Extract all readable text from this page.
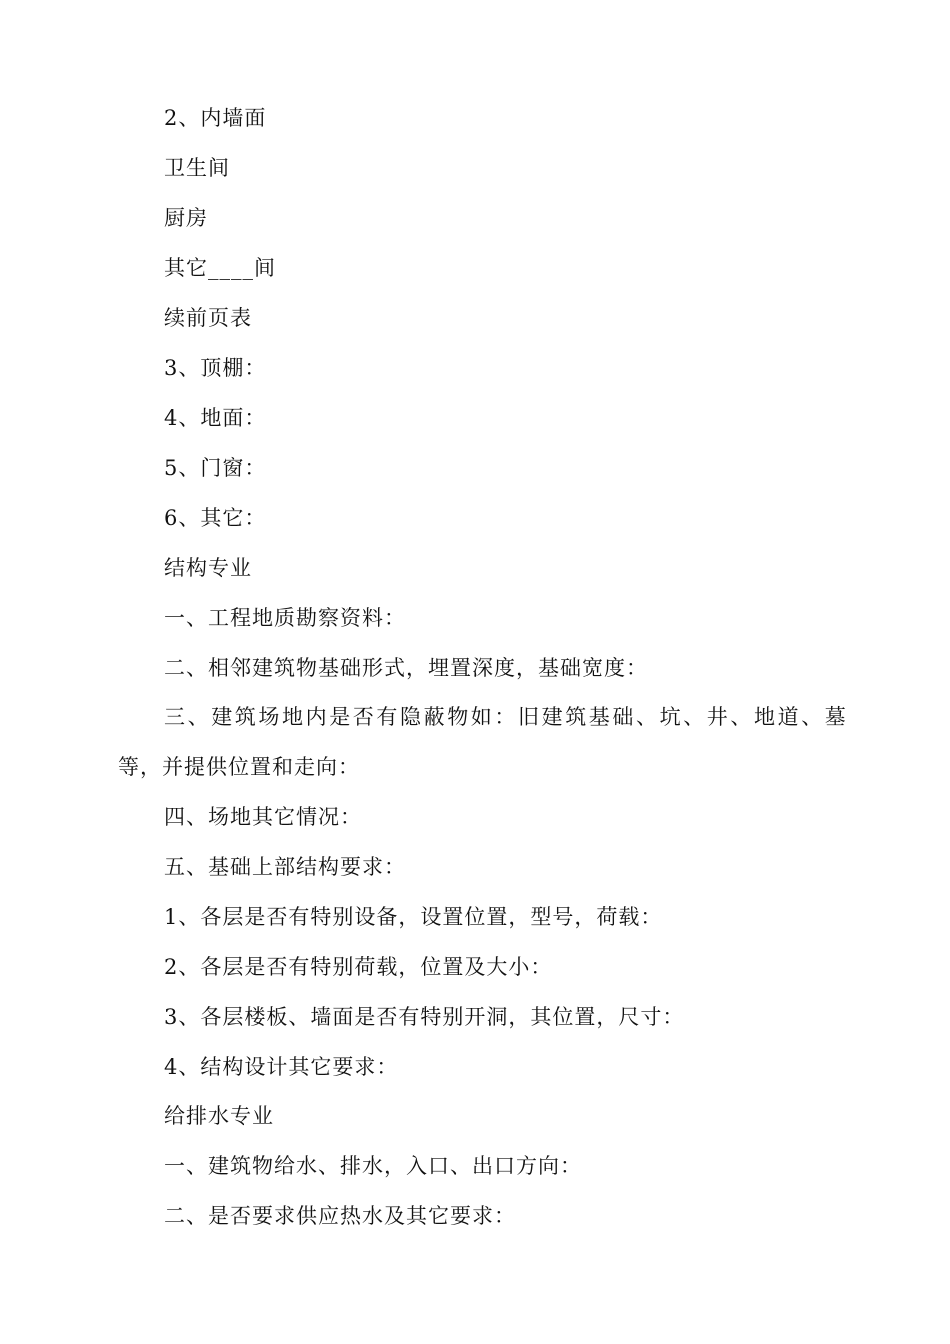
2、内墙面
卫生间
厨房
其它____间
续前页表
3、顶棚：
4、地面：
5、门窗：
6、其它：
结构专业
一、工程地质勘察资料：
二、相邻建筑物基础形式，埋置深度，基础宽度：
三、建筑场地内是否有隐蔽物如：旧建筑基础、坑、井、地道、墓
等，并提供位置和走向：
四、场地其它情况：
五、基础上部结构要求：
1、各层是否有特别设备，设置位置，型号，荷载：
2、各层是否有特别荷载，位置及大小：
3、各层楼板、墙面是否有特别开洞，其位置，尺寸：
4、结构设计其它要求：
给排水专业
一、建筑物给水、排水，入口、出口方向：
二、是否要求供应热水及其它要求：
